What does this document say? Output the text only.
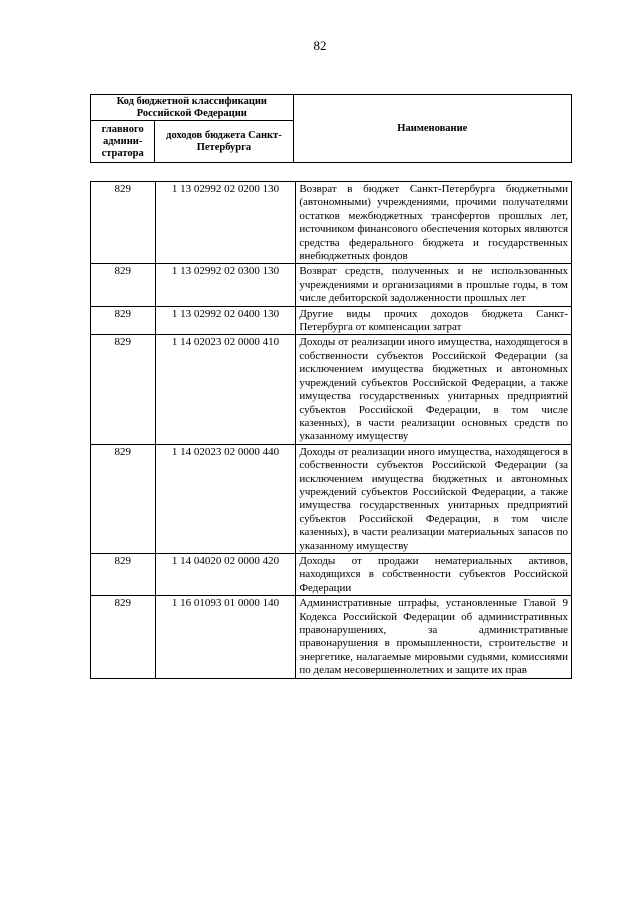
82
Код бюджетной классификации Российской Федерации		Наименование
главного админи- стратора	доходов бюджета Санкт-Петербурга	
829	1 13 02992 02 0200 130	Возврат в бюджет Санкт-Петербурга бюджетными (автономными) учреждениями, прочими получателями остатков межбюджетных трансфертов прошлых лет, источником финансового обеспечения которых являются средства федерального бюджета и государственных внебюджетных фондов
829	1 13 02992 02 0300 130	Возврат средств, полученных и не использованных учреждениями и организациями в прошлые годы, в том числе дебиторской задолженности прошлых лет
829	1 13 02992 02 0400 130	Другие виды прочих доходов бюджета Санкт-Петербурга от компенсации затрат
829	1 14 02023 02 0000 410	Доходы от реализации иного имущества, находящегося в собственности субъектов Российской Федерации (за исключением имущества бюджетных и автономных учреждений субъектов Российской Федерации, а также имущества государственных унитарных предприятий субъектов Российской Федерации, в том числе казенных), в части реализации основных средств по указанному имуществу
829	1 14 02023 02 0000 440	Доходы от реализации иного имущества, находящегося в собственности субъектов Российской Федерации (за исключением имущества бюджетных и автономных учреждений субъектов Российской Федерации, а также имущества государственных унитарных предприятий субъектов Российской Федерации, в том числе казенных), в части реализации материальных запасов по указанному имуществу
829	1 14 04020 02 0000 420	Доходы от продажи нематериальных активов, находящихся в собственности субъектов Российской Федерации
829	1 16 01093 01 0000 140	Административные штрафы, установленные Главой 9 Кодекса Российской Федерации об административных правонарушениях, за административные правонарушения в промышленности, строительстве и энергетике, налагаемые мировыми судьями, комиссиями по делам несовершеннолетних и защите их прав
